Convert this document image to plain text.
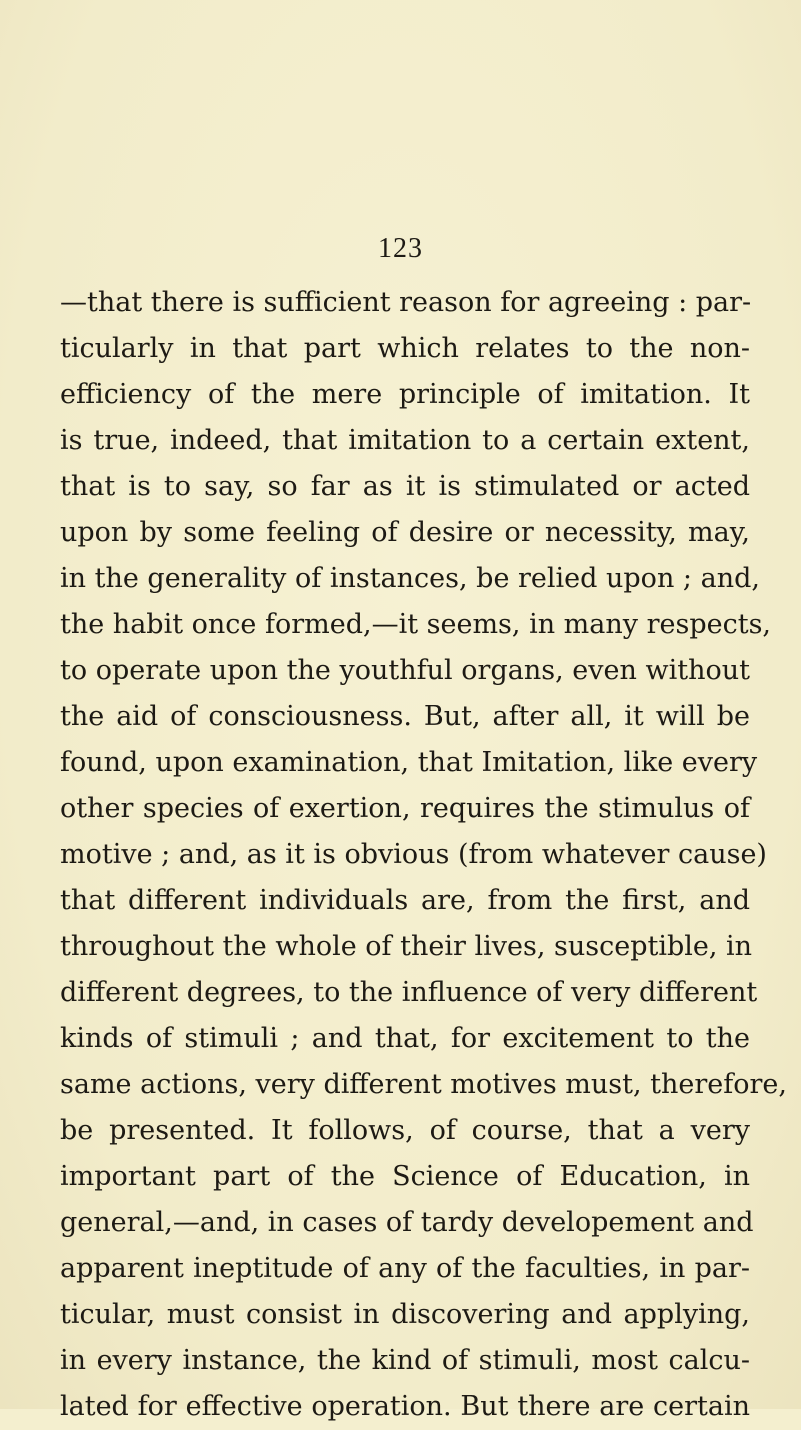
123
—that there is sufficient reason for agreeing : par-
ticularly in that part which relates to the non-
efficiency of the mere principle of imitation. It
is true, indeed, that imitation to a certain extent,
that is to say, so far as it is stimulated or acted
upon by some feeling of desire or necessity, may,
in the generality of instances, be relied upon ; and,
the habit once formed,—it seems, in many respects,
to operate upon the youthful organs, even without
the aid of consciousness. But, after all, it will be
found, upon examination, that Imitation, like every
other species of exertion, requires the stimulus of
motive ; and, as it is obvious (from whatever cause)
that different individuals are, from the first, and
throughout the whole of their lives, susceptible, in
different degrees, to the influence of very different
kinds of stimuli ; and that, for excitement to the
same actions, very different motives must, therefore,
be presented. It follows, of course, that a very
important part of the Science of Education, in
general,—and, in cases of tardy developement and
apparent ineptitude of any of the faculties, in par-
ticular, must consist in discovering and applying,
in every instance, the kind of stimuli, most calcu-
lated for effective operation. But there are certain
